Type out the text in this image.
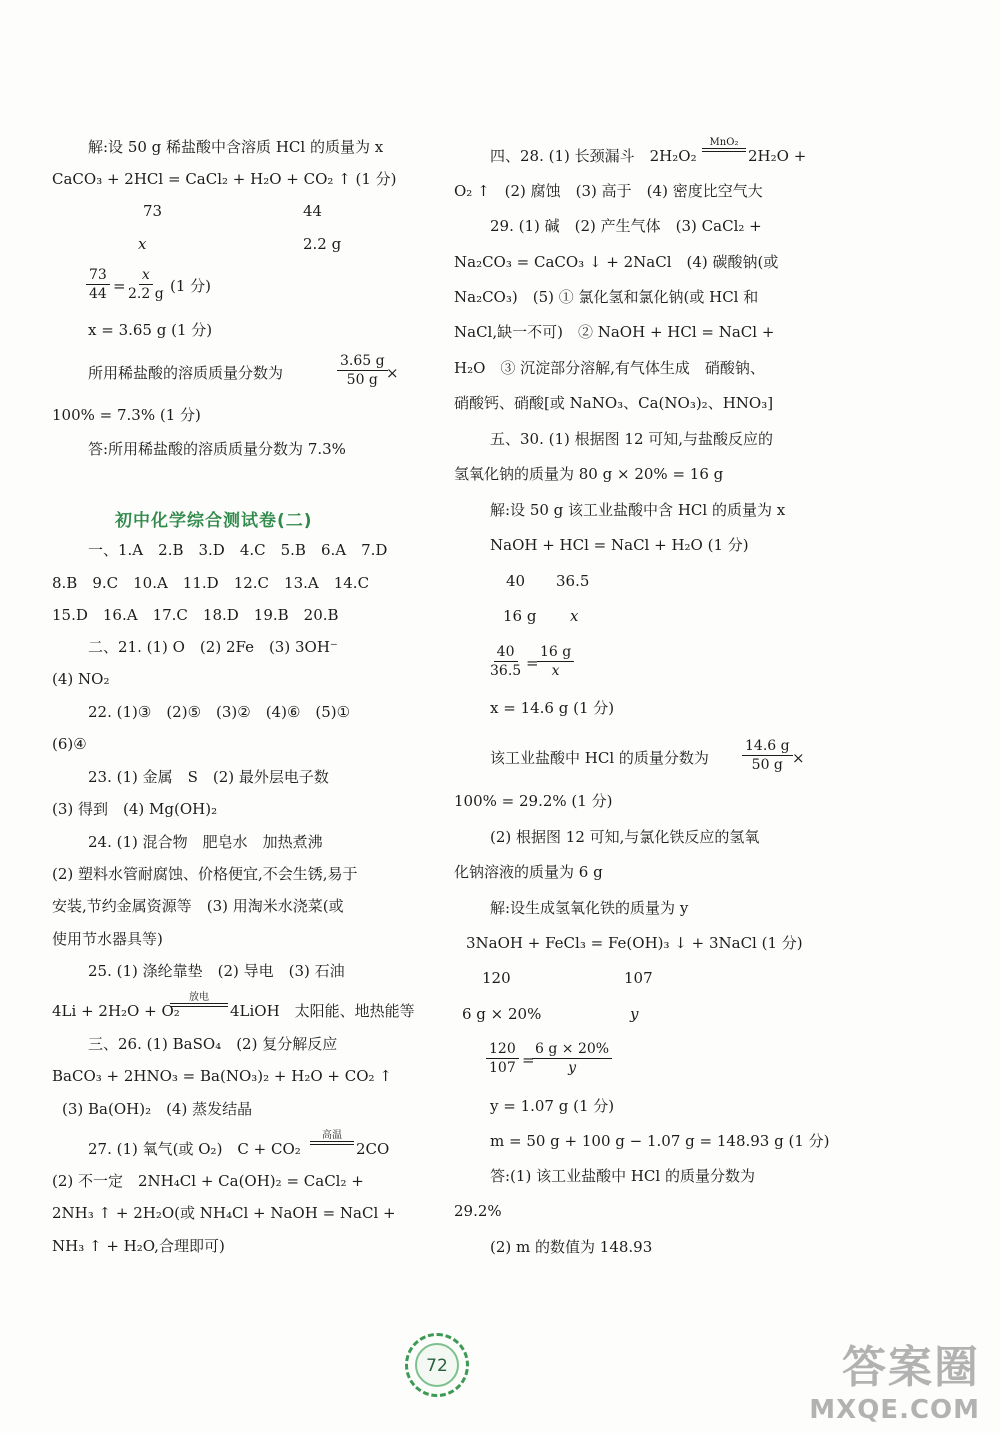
解:设 50 g 稀盐酸中含溶质 HCl 的质量为 x
CaCO₃ + 2HCl = CaCl₂ + H₂O + CO₂ ↑ (1 分)
73	44
x	2.2 g
$\frac{73}{44} = \frac{x}{2.2 g} (1$ 分)
x = 3.65 g (1 分)
所用稀盐酸的溶质质量分数为	$\frac{3.65 g}{50 g}$
×
100% = 7.3% (1 分)
答:所用稀盐酸的溶质质量分数为 7.3%
初中化学综合测试卷(二)
一、1.A　2.B　3.D　4.C　5.B　6.A　7.D
8.B　9.C　10.A　11.D　12.C　13.A　14.C
15.D　16.A　17.C　18.D　19.B　20.B
二、21. (1) O　(2) 2Fe　(3) 3OH⁻
(4) NO₂
22. (1)③　(2)⑤　(3)②　(4)⑥　(5)①
(6)④
23. (1) 金属　S　(2) 最外层电子数
(3) 得到　(4) Mg(OH)₂
24. (1) 混合物　肥皂水　加热煮沸
(2) 塑料水管耐腐蚀、价格便宜,不会生锈,易于
安装,节约金属资源等　(3) 用淘米水浇菜(或
使用节水器具等)
25. (1) 涤纶靠垫　(2) 导电　(3) 石油
4Li + 2H₂O + O₂
放电
4LiOH　太阳能、地热能等
三、26. (1) BaSO₄　(2) 复分解反应
BaCO₃ + 2HNO₃ = Ba(NO₃)₂ + H₂O + CO₂ ↑
(3) Ba(OH)₂　(4) 蒸发结晶
27. (1) 氧气(或 O₂)　C + CO₂
高温
2CO
(2) 不一定　2NH₄Cl + Ca(OH)₂ = CaCl₂ +
2NH₃ ↑ + 2H₂O(或 NH₄Cl + NaOH = NaCl +
NH₃ ↑ + H₂O,合理即可)
四、28. (1) 长颈漏斗　2H₂O₂
MnO₂
2H₂O +
O₂ ↑　(2) 腐蚀　(3) 高于　(4) 密度比空气大
29. (1) 碱　(2) 产生气体　(3) CaCl₂ +
Na₂CO₃ = CaCO₃ ↓ + 2NaCl　(4) 碳酸钠(或
Na₂CO₃)　(5) ① 氯化氢和氯化钠(或 HCl 和
NaCl,缺一不可)　② NaOH + HCl = NaCl +
H₂O　③ 沉淀部分溶解,有气体生成　硝酸钠、
硝酸钙、硝酸[或 NaNO₃、Ca(NO₃)₂、HNO₃]
五、30. (1) 根据图 12 可知,与盐酸反应的
氢氧化钠的质量为 80 g × 20% = 16 g
解:设 50 g 该工业盐酸中含 HCl 的质量为 x
NaOH + HCl = NaCl + H₂O (1 分)
40 36.5
16 g x
$\frac{40}{36.5}$ =
$\frac{16 g}{x}$
x = 14.6 g (1 分)
该工业盐酸中 HCl 的质量分数为 $\frac{14.6 g}{50 g}$ ×
100% = 29.2% (1 分)
(2) 根据图 12 可知,与氯化铁反应的氢氧
化钠溶液的质量为 6 g
解:设生成氢氧化铁的质量为 y
3NaOH + FeCl₃ = Fe(OH)₃ ↓ + 3NaCl (1 分)
120	107
6 g × 20%	y
$\frac{120}{107}$ =
$\frac{6 g \times 20\%}{y}$
y = 1.07 g (1 分)
m = 50 g + 100 g − 1.07 g = 148.93 g (1 分)
答:(1) 该工业盐酸中 HCl 的质量分数为
29.2%
(2) m 的数值为 148.93
72	答案圈
MXQE.COM
